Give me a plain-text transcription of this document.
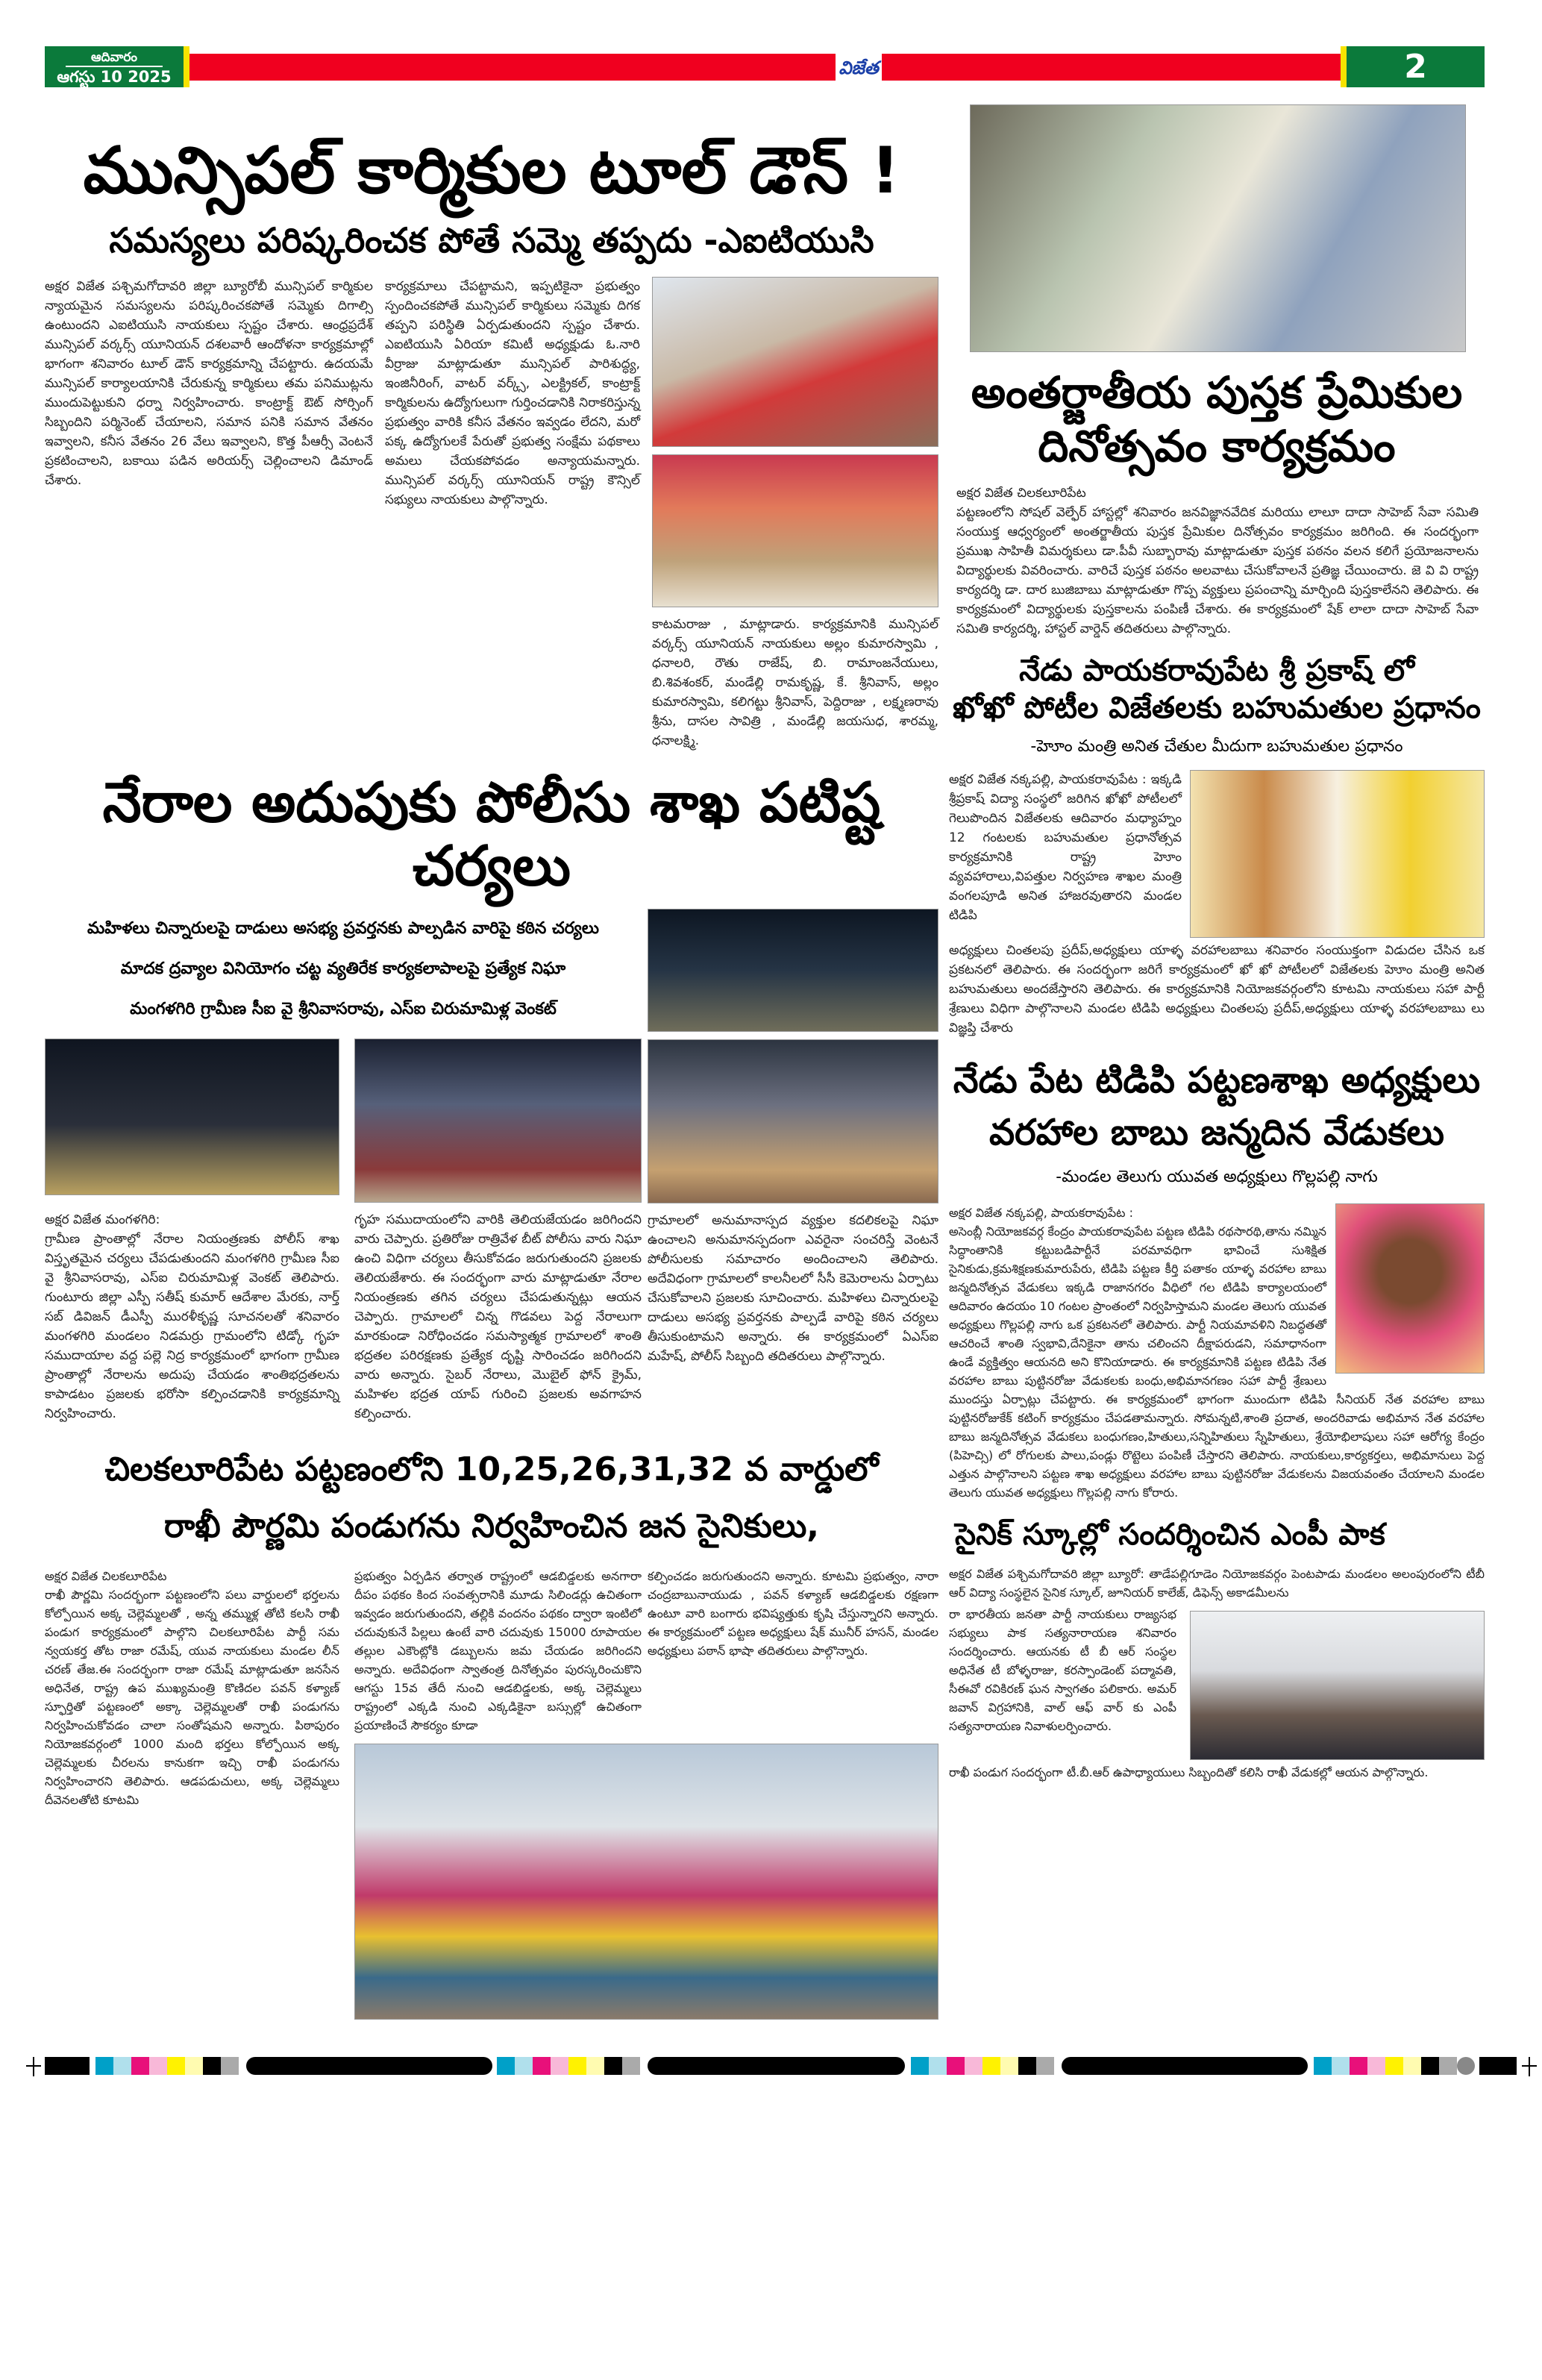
ఆదివారం
ఆగస్టు 10 2025	విజేత	2
మున్సిపల్ కార్మికుల టూల్ డౌన్ !
సమస్యలు పరిష్కరించక పోతే సమ్మె తప్పదు -ఎఐటియుసి
అక్షర విజేత పశ్చిమగోదావరి జిల్లా బ్యూరోబీ మున్సిపల్ కార్మికుల న్యాయమైన సమస్యలను పరిష్కరించకపోతే సమ్మెకు దిగాల్సి ఉంటుందని ఎఐటియుసి నాయకులు స్పష్టం చేశారు. ఆంధ్రప్రదేశ్ మున్సిపల్ వర్కర్స్ యూనియన్ దశలవారీ ఆందోళనా కార్యక్రమాల్లో భాగంగా శనివారం టూల్ డౌన్ కార్యక్రమాన్ని చేపట్టారు. ఉదయమే మున్సిపల్ కార్యాలయానికి చేరుకున్న కార్మికులు తమ పనిముట్లను ముందుపెట్టుకుని ధర్నా నిర్వహించారు. కాంట్రాక్ట్ ఔట్ సోర్సింగ్ సిబ్బందిని పర్మినెంట్ చేయాలని, సమాన పనికి సమాన వేతనం ఇవ్వాలని, కనీస వేతనం 26 వేలు ఇవ్వాలని, కొత్త పీఆర్సీ వెంటనే ప్రకటించాలని, బకాయి పడిన అరియర్స్ చెల్లించాలని డిమాండ్ చేశారు.
కార్యక్రమాలు చేపట్టామని, ఇప్పటికైనా ప్రభుత్వం స్పందించకపోతే మున్సిపల్ కార్మికులు సమ్మెకు దిగక తప్పని పరిస్థితి ఏర్పడుతుందని స్పష్టం చేశారు. ఎఐటియుసి ఏరియా కమిటీ అధ్యక్షుడు ఓ.నారి వీర్రాజు మాట్లాడుతూ మున్సిపల్ పారిశుద్ధ్య, ఇంజినీరింగ్, వాటర్ వర్క్స్, ఎలక్ట్రికల్, కాంట్రాక్ట్ కార్మికులను ఉద్యోగులుగా గుర్తించడానికి నిరాకరిస్తున్న ప్రభుత్వం వారికి కనీస వేతనం ఇవ్వడం లేదని, మరో పక్క ఉద్యోగులకే పేరుతో ప్రభుత్వ సంక్షేమ పథకాలు అమలు చేయకపోవడం అన్యాయమన్నారు. మున్సిపల్ వర్కర్స్ యూనియన్ రాష్ట్ర కౌన్సిల్ సభ్యులు నాయకులు పాల్గొన్నారు.
కాటమరాజు , మాట్లాడారు. కార్యక్రమానికి మున్సిపల్ వర్కర్స్ యూనియన్ నాయకులు అల్లం కుమారస్వామి , ధనాలరి, రౌతు రాజేష్, బి. రామాంజనేయులు, బి.శివశంకర్, మండేల్లి రామకృష్ణ, కే. శ్రీనివాస్, అల్లం కుమారస్వామి, కలిగట్టు శ్రీనివాస్, పెద్దిరాజు , లక్ష్మణరావు శ్రీను, దాసల సావిత్రి , మండేల్లి జయసుధ, శారమ్మ, ధనాలక్ష్మి.
నేరాల అదుపుకు పోలీసు శాఖ పటిష్ట చర్యలు
మహిళలు చిన్నారులపై దాడులు అసభ్య ప్రవర్తనకు పాల్పడిన వారిపై కఠిన చర్యలు
మాదక ద్రవ్యాల వినియోగం చట్ట వ్యతిరేక కార్యకలాపాలపై ప్రత్యేక నిఘా
మంగళగిరి గ్రామీణ సీఐ వై శ్రీనివాసరావు, ఎస్ఐ చిరుమామిళ్ల వెంకట్
అక్షర విజేత మంగళగిరి:
గ్రామీణ ప్రాంతాల్లో నేరాల నియంత్రణకు పోలీస్ శాఖ విస్తృతమైన చర్యలు చేపడుతుందని మంగళగిరి గ్రామీణ సీఐ వై శ్రీనివాసరావు, ఎస్ఐ చిరుమామిళ్ల వెంకట్ తెలిపారు. గుంటూరు జిల్లా ఎస్పీ సతీష్ కుమార్ ఆదేశాల మేరకు, నార్త్ సబ్ డివిజన్ డీఎస్పీ మురళీకృష్ణ సూచనలతో శనివారం మంగళగిరి మండలం నిడమర్రు గ్రామంలోని టిడ్కో గృహ సముదాయాల వద్ద పల్లె నిద్ర కార్యక్రమంలో భాగంగా గ్రామీణ ప్రాంతాల్లో నేరాలను అదుపు చేయడం శాంతిభద్రతలను కాపాడటం ప్రజలకు భరోసా కల్పించడానికి కార్యక్రమాన్ని నిర్వహించారు.
గృహ సముదాయంలోని వారికి తెలియజేయడం జరిగిందని వారు చెప్పారు. ప్రతిరోజు రాత్రివేళ బీట్ పోలీసు వారు నిఘా ఉంచి విధిగా చర్యలు తీసుకోవడం జరుగుతుందని ప్రజలకు తెలియజేశారు. ఈ సందర్భంగా వారు మాట్లాడుతూ నేరాల నియంత్రణకు తగిన చర్యలు చేపడుతున్నట్లు ఆయన చెప్పారు. గ్రామాలలో చిన్న గొడవలు పెద్ద నేరాలుగా మారకుండా నిరోధించడం సమస్యాత్మక గ్రామాలలో శాంతి భద్రతల పరిరక్షణకు ప్రత్యేక దృష్టి సారించడం జరిగిందని వారు అన్నారు. సైబర్ నేరాలు, మొబైల్ ఫోన్ క్రైమ్, మహిళల భద్రత యాప్ గురించి ప్రజలకు అవగాహన కల్పించారు.
గ్రామాలలో అనుమానాస్పద వ్యక్తుల కదలికలపై నిఘా ఉంచాలని అనుమానస్పదంగా ఎవరైనా సంచరిస్తే వెంటనే పోలీసులకు సమాచారం అందించాలని తెలిపారు. అదేవిధంగా గ్రామాలలో కాలనీలలో సీసీ కెమెరాలను ఏర్పాటు చేసుకోవాలని ప్రజలకు సూచించారు. మహిళలు చిన్నారులపై దాడులు అసభ్య ప్రవర్తనకు పాల్పడే వారిపై కఠిన చర్యలు తీసుకుంటామని అన్నారు. ఈ కార్యక్రమంలో ఏఎస్ఐ మహేష్, పోలీస్ సిబ్బంది తదితరులు పాల్గొన్నారు.
చిలకలూరిపేట పట్టణంలోని 10,25,26,31,32 వ వార్డులో
రాఖీ పౌర్ణమి పండుగను నిర్వహించిన జన సైనికులు,
అక్షర విజేత చిలకలూరిపేట
రాఖీ పౌర్ణమి సందర్భంగా పట్టణంలోని పలు వార్డులలో భర్తలను కోల్పోయిన అక్క చెల్లెమ్మలతో , అన్న తమ్ముళ్ల తోటి కలసి రాఖీ పండుగ కార్యక్రమంలో పాల్గొని చిలకలూరిపేట పార్టీ సమ న్వయకర్త తోట రాజా రమేష్, యువ నాయకులు మండల లీన్ చరణ్ తేజ.ఈ సందర్భంగా రాజా రమేష్ మాట్లాడుతూ జనసేన అధినేత, రాష్ట్ర ఉప ముఖ్యమంత్రి కొణిదల పవన్ కళ్యాణ్ స్ఫూర్తితో పట్టణంలో అక్కా చెల్లెమ్మలతో రాఖీ పండుగను నిర్వహించుకోవడం చాలా సంతోషమని అన్నారు. పిఠాపురం నియోజకవర్గంలో 1000 మంది భర్తలు కోల్పోయిన అక్క చెల్లెమ్మలకు చీరలను కానుకగా ఇచ్చి రాఖీ పండుగను నిర్వహించారని తెలిపారు. ఆడపడుచులు, అక్క చెల్లెమ్మలు దీవెనలతోటి కూటమి
ప్రభుత్వం ఏర్పడిన తర్వాత రాష్ట్రంలో ఆడబిడ్డలకు అనగారా దీపం పథకం కింద సంవత్సరానికి మూడు సిలిండర్లు ఉచితంగా ఇవ్వడం జరుగుతుందని, తల్లికి వందనం పథకం ద్వారా ఇంటిలో చదువుకునే పిల్లలు ఉంటే వారి చదువుకు 15000 రూపాయల తల్లుల ఎకౌంట్లోకి డబ్బులను జమ చేయడం జరిగిందని అన్నారు. అదేవిధంగా స్వాతంత్ర దినోత్సవం పురస్కరించుకొని ఆగస్టు 15వ తేదీ నుంచి ఆడబిడ్డలకు, అక్క చెల్లెమ్మలు రాష్ట్రంలో ఎక్కడి నుంచి ఎక్కడికైనా బస్సుల్లో ఉచితంగా ప్రయాణించే సౌకర్యం కూడా
కల్పించడం జరుగుతుందని అన్నారు. కూటమి ప్రభుత్వం, నారా చంద్రబాబునాయుడు , పవన్ కళ్యాణ్ ఆడబిడ్డలకు రక్షణగా ఉంటూ వారి బంగారు భవిష్యత్తుకు కృషి చేస్తున్నారని అన్నారు. ఈ కార్యక్రమంలో పట్టణ అధ్యక్షులు షేక్ మునీర్ హసన్, మండల అధ్యక్షులు పఠాన్ భాషా తదితరులు పాల్గొన్నారు.
అంతర్జాతీయ పుస్తక ప్రేమికుల
దినోత్సవం కార్యక్రమం
అక్షర విజేత చిలకలూరిపేట
పట్టణంలోని సోషల్ వెల్ఫేర్ హాస్టల్లో శనివారం జనవిజ్ఞానవేదిక మరియు లాలూ దాదా సాహెబ్ సేవా సమితి సంయుక్త ఆధ్వర్యంలో అంతర్జాతీయ పుస్తక ప్రేమికుల దినోత్సవం కార్యక్రమం జరిగింది. ఈ సందర్భంగా ప్రముఖ సాహితీ విమర్శకులు డా.పీవీ సుబ్బారావు మాట్లాడుతూ పుస్తక పఠనం వలన కలిగే ప్రయోజనాలను విద్యార్థులకు వివరించారు. వారిచే పుస్తక పఠనం అలవాటు చేసుకోవాలనే ప్రతిజ్ఞ చేయించారు. జె వి వి రాష్ట్ర కార్యదర్శి డా. దార బుజిబాబు మాట్లాడుతూ గొప్ప వ్యక్తులు ప్రపంచాన్ని మార్చింది పుస్తకాలేనని తెలిపారు. ఈ కార్యక్రమంలో విద్యార్థులకు పుస్తకాలను పంపిణీ చేశారు. ఈ కార్యక్రమంలో షేక్ లాలా దాదా సాహెబ్ సేవా సమితి కార్యదర్శి, హాస్టల్ వార్డెన్ తదితరులు పాల్గొన్నారు.
నేడు పాయకరావుపేట శ్రీ ప్రకాష్ లో
ఖోఖో పోటీల విజేతలకు బహుమతుల ప్రధానం
-హెూం మంత్రి అనిత చేతుల మీదుగా బహుమతుల ప్రధానం
అక్షర విజేత నక్కపల్లి, పాయకరావుపేట : ఇక్కడి శ్రీప్రకాష్ విద్యా సంస్థలో జరిగిన ఖోఖో పోటీలలో గెలుపొందిన విజేతలకు ఆదివారం మధ్యాహ్నం 12 గంటలకు బహుమతుల ప్రధానోత్సవ కార్యక్రమానికి రాష్ట్ర హెూం వ్యవహారాలు,విపత్తుల నిర్వహణ శాఖల మంత్రి వంగలపూడి అనిత హాజరవుతారని మండల టిడిపి
అధ్యక్షులు చింతలపు ప్రదీప్,అధ్యక్షులు యాళ్ళ వరహాలబాబు శనివారం సంయుక్తంగా విడుదల చేసిన ఒక ప్రకటనలో తెలిపారు. ఈ సందర్భంగా జరిగే కార్యక్రమంలో ఖో ఖో పోటీలలో విజేతలకు హెూం మంత్రి అనిత బహుమతులు అందజేస్తారని తెలిపారు. ఈ కార్యక్రమానికి నియోజకవర్గంలోని కూటమి నాయకులు సహా పార్టీ శ్రేణులు విధిగా పాల్గొనాలని మండల టిడిపి అధ్యక్షులు చింతలపు ప్రదీప్,అధ్యక్షులు యాళ్ళ వరహాలబాబు లు విజ్ఞప్తి చేశారు
నేడు పేట టిడిపి పట్టణశాఖ అధ్యక్షులు
వరహాల బాబు జన్మదిన వేడుకలు
-మండల తెలుగు యువత అధ్యక్షులు గొల్లపల్లి నాగు
అక్షర విజేత నక్కపల్లి, పాయకరావుపేట :
అసెంబ్లీ నియోజకవర్గ కేంద్రం పాయకరావుపేట పట్టణ టిడిపి రథసారథి,తాను నమ్మిన సిద్ధాంతానికి కట్టుబడిపార్టీనే పరమావధిగా భావించే సుశిక్షిత సైనికుడు,క్రమశిక్షణకుమారుపేరు, టిడిపి పట్టణ కీర్తి పతాకం యాళ్ళ వరహాల బాబు జన్మదినోత్సవ వేడుకలు ఇక్కడి రాజానగరం వీధిలో గల టిడిపి కార్యాలయంలో ఆదివారం ఉదయం 10 గంటల ప్రాంతంలో నిర్వహిస్తామని మండల తెలుగు యువత అధ్యక్షులు గొల్లపల్లి నాగు ఒక ప్రకటనలో తెలిపారు. పార్టీ నియమావళిని నిబద్ధతతో ఆచరించే శాంతి స్వభావి,దేనికైనా తాను చలించని దీక్షాపరుడని, సమాధానంగా ఉండే వ్యక్తిత్వం ఆయనది అని కొనియాడారు. ఈ కార్యక్రమానికి పట్టణ టిడిపి నేత వరహాల బాబు పుట్టినరోజు వేడుకలకు బంధు,అభిమానగణం సహా పార్టీ శ్రేణులు ముందస్తు ఏర్పాట్లు చేపట్టారు. ఈ కార్యక్రమంలో భాగంగా ముందుగా టిడిపి సీనియర్ నేత వరహాల బాబు పుట్టినరోజుకేక్ కటింగ్ కార్యక్రమం చేపడతామన్నారు. సోమన్నటి,శాంతి ప్రదాత, అందరివాడు అభిమాన నేత వరహాల బాబు జన్మదినోత్సవ వేడుకలు బంధుగణం,హితులు,సన్నిహితులు స్నేహితులు, శ్రేయోభిలాషులు సహా ఆరోగ్య కేంద్రం (పిహెచ్సి) లో రోగులకు పాలు,పండ్లు రొట్టెలు పంపిణీ చేస్తారని తెలిపారు. నాయకులు,కార్యకర్తలు, అభిమానులు పెద్ద ఎత్తున పాల్గొనాలని పట్టణ శాఖ అధ్యక్షులు వరహాల బాబు పుట్టినరోజు వేడుకలను విజయవంతం చేయాలని మండల తెలుగు యువత అధ్యక్షులు గొల్లపల్లి నాగు కోరారు.
సైనిక్ స్కూల్లో సందర్శించిన ఎంపీ పాక
అక్షర విజేత పశ్చిమగోదావరి జిల్లా బ్యూరో: తాడేపల్లిగూడెం నియోజకవర్గం పెంటపాడు మండలం అలంపురంలోని టీబీ ఆర్ విద్యా సంస్థలైన సైనిక స్కూల్, జూనియర్ కాలేజ్, డిఫెన్స్ అకాడమీలను
రా భారతీయ జనతా పార్టీ నాయకులు రాజ్యసభ సభ్యులు పాక సత్యనారాయణ శనివారం సందర్శించారు. ఆయనకు టీ బీ ఆర్ సంస్థల అధినేత టీ బోళ్ళరాజు, కరస్పాండెంట్ పద్మావతి, సీఈవో రవికిరణ్ ఘన స్వాగతం పలికారు. అమర్ జవాన్ విగ్రహానికి, వాల్ ఆఫ్ వార్ కు ఎంపీ సత్యనారాయణ నివాళులర్పించారు.
రాఖీ పండుగ సందర్భంగా టీ.బీ.ఆర్ ఉపాధ్యాయులు సిబ్బందితో కలిసి రాఖీ వేడుకల్లో ఆయన పాల్గొన్నారు.
